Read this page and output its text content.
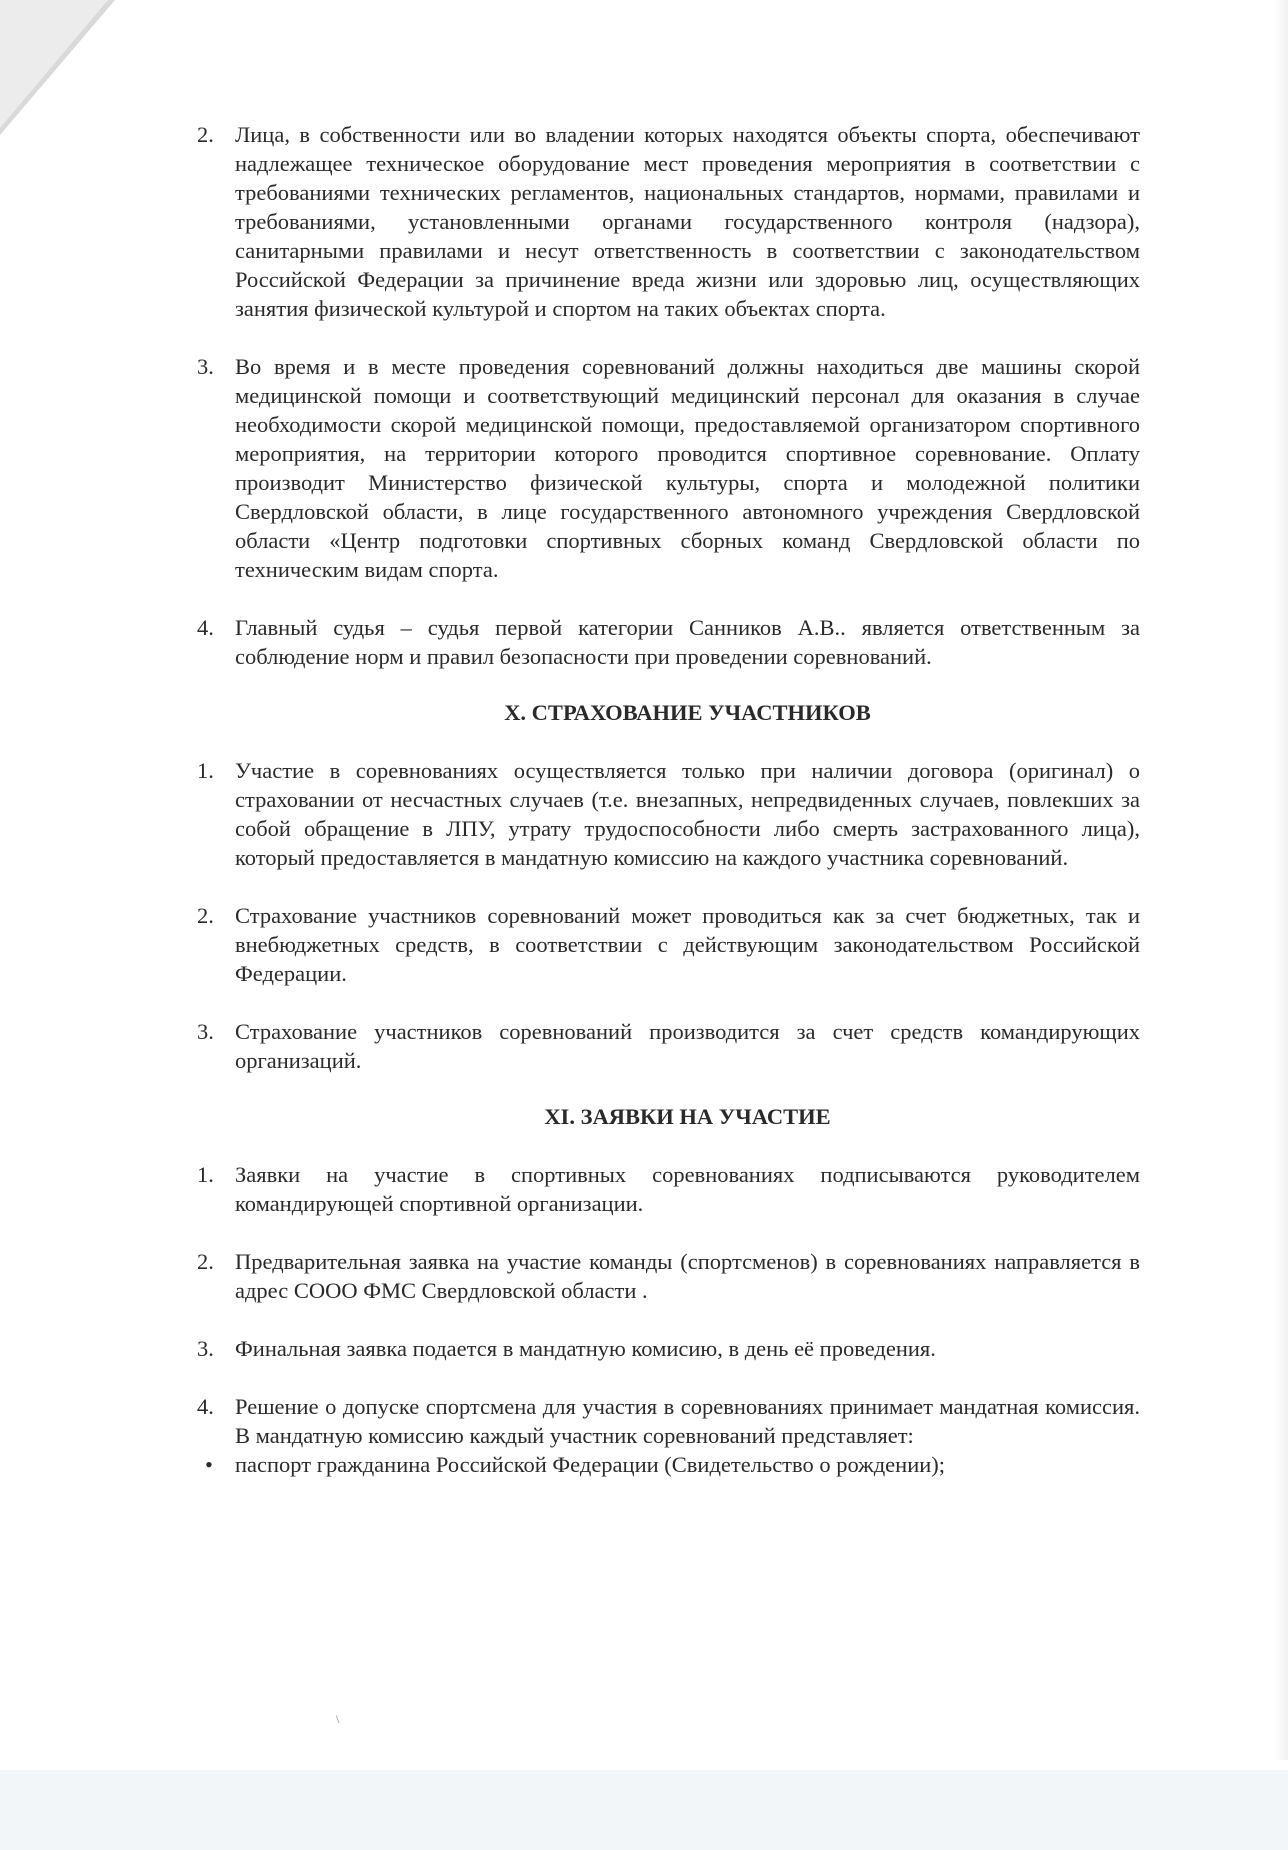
2. Лица, в собственности или во владении которых находятся объекты спорта, обеспечивают надлежащее техническое оборудование мест проведения мероприятия в соответствии с требованиями технических регламентов, национальных стандартов, нормами, правилами и требованиями, установленными органами государственного контроля (надзора), санитарными правилами и несут ответственность в соответствии с законодательством Российской Федерации за причинение вреда жизни или здоровью лиц, осуществляющих занятия физической культурой и спортом на таких объектах спорта.
3. Во время и в месте проведения соревнований должны находиться две машины скорой медицинской помощи и соответствующий медицинский персонал для оказания в случае необходимости скорой медицинской помощи, предоставляемой организатором спортивного мероприятия, на территории которого проводится спортивное соревнование. Оплату производит Министерство физической культуры, спорта и молодежной политики Свердловской области, в лице государственного автономного учреждения Свердловской области «Центр подготовки спортивных сборных команд Свердловской области по техническим видам спорта.
4. Главный судья – судья первой категории Санников А.В.. является ответственным за соблюдение норм и правил безопасности при проведении соревнований.
X. СТРАХОВАНИЕ УЧАСТНИКОВ
1. Участие в соревнованиях осуществляется только при наличии договора (оригинал) о страховании от несчастных случаев (т.е. внезапных, непредвиденных случаев, повлекших за собой обращение в ЛПУ, утрату трудоспособности либо смерть застрахованного лица), который предоставляется в мандатную комиссию на каждого участника соревнований.
2. Страхование участников соревнований может проводиться как за счет бюджетных, так и внебюджетных средств, в соответствии с действующим законодательством Российской Федерации.
3. Страхование участников соревнований производится за счет средств командирующих организаций.
XI. ЗАЯВКИ НА УЧАСТИЕ
1. Заявки на участие в спортивных соревнованиях подписываются руководителем командирующей спортивной организации.
2. Предварительная заявка на участие команды (спортсменов) в соревнованиях направляется в адрес СООО ФМС Свердловской области .
3. Финальная заявка подается в мандатную комисию, в день её проведения.
4. Решение о допуске спортсмена для участия в соревнованиях принимает мандатная комиссия. В мандатную комиссию каждый участник соревнований представляет:
• паспорт гражданина Российской Федерации (Свидетельство о рождении);
\
